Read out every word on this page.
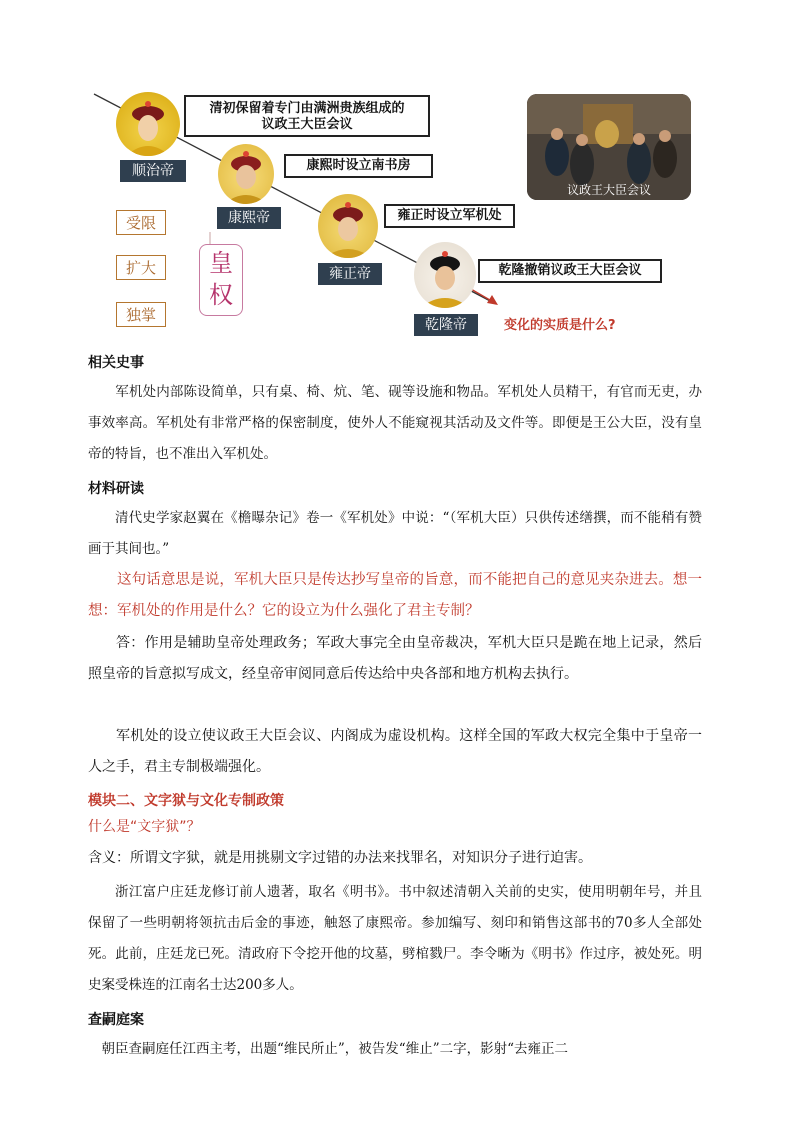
顺治帝
清初保留着专门由满洲贵族组成的
议政王大臣会议
康熙帝
康熙时设立南书房
雍正帝
雍正时设立军机处
乾隆帝
乾隆撤销议政王大臣会议
变化的实质是什么?
受限
扩大
独掌
皇
权
议政王大臣会议
相关史事
　　军机处内部陈设简单，只有桌、椅、炕、笔、砚等设施和物品。军机处人员精干，有官而无吏，办事效率高。军机处有非常严格的保密制度，使外人不能窥视其活动及文件等。即便是王公大臣，没有皇帝的特旨，也不准出入军机处。
材料研读
清代史学家赵翼在《檐曝杂记》卷一《军机处》中说：“（军机大臣）只供传述缮撰，而不能稍有赞画于其间也。”
这句话意思是说，军机大臣只是传达抄写皇帝的旨意，而不能把自己的意见夹杂进去。想一想：军机处的作用是什么？它的设立为什么强化了君主专制？
答：作用是辅助皇帝处理政务；军政大事完全由皇帝裁决，军机大臣只是跪在地上记录，然后照皇帝的旨意拟写成文，经皇帝审阅同意后传达给中央各部和地方机构去执行。
军机处的设立使议政王大臣会议、内阁成为虚设机构。这样全国的军政大权完全集中于皇帝一人之手，君主专制极端强化。
模块二、文字狱与文化专制政策
什么是“文字狱”？
含义：所谓文字狱，就是用挑剔文字过错的办法来找罪名，对知识分子进行迫害。
浙江富户庄廷龙修订前人遗著，取名《明书》。书中叙述清朝入关前的史实，使用明朝年号，并且保留了一些明朝将领抗击后金的事迹，触怒了康熙帝。参加编写、刻印和销售这部书的70多人全部处死。此前，庄廷龙已死。清政府下令挖开他的坟墓，劈棺戮尸。李令晰为《明书》作过序，被处死。明史案受株连的江南名士达200多人。
查嗣庭案
朝臣查嗣庭任江西主考，出题“维民所止”，被告发“维止”二字，影射“去雍正二
